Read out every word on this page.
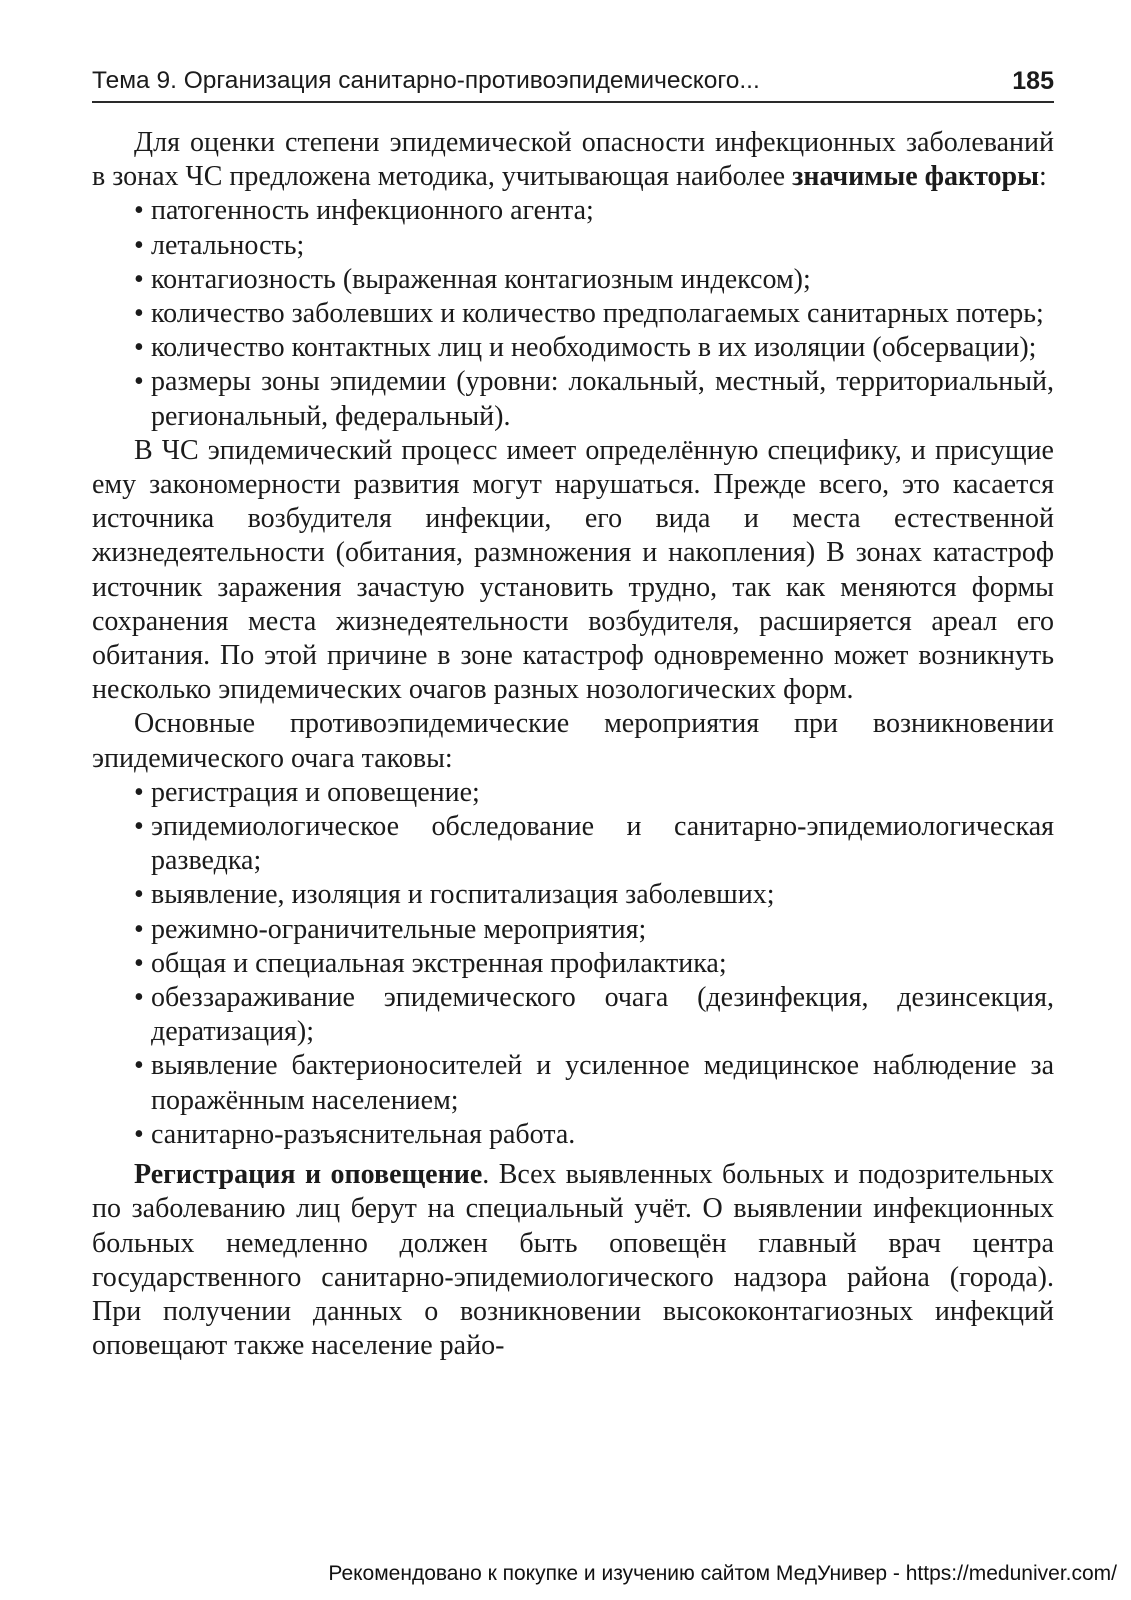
Тема 9. Организация санитарно-противоэпидемического...	185

Для оценки степени эпидемической опасности инфекционных заболеваний в зонах ЧС предложена методика, учитывающая наиболее значимые факторы:

• патогенность инфекционного агента;
• летальность;
• контагиозность (выраженная контагиозным индексом);
• количество заболевших и количество предполагаемых санитарных потерь;
• количество контактных лиц и необходимость в их изоляции (обсервации);
• размеры зоны эпидемии (уровни: локальный, местный, территориальный, региональный, федеральный).

В ЧС эпидемический процесс имеет определённую специфику, и присущие ему закономерности развития могут нарушаться. Прежде всего, это касается источника возбудителя инфекции, его вида и места естественной жизнедеятельности (обитания, размножения и накопления) В зонах катастроф источник заражения зачастую установить трудно, так как меняются формы сохранения места жизнедеятельности возбудителя, расширяется ареал его обитания. По этой причине в зоне катастроф одновременно может возникнуть несколько эпидемических очагов разных нозологических форм.

Основные противоэпидемические мероприятия при возникновении эпидемического очага таковы:

• регистрация и оповещение;
• эпидемиологическое обследование и санитарно-эпидемиологическая разведка;
• выявление, изоляция и госпитализация заболевших;
• режимно-ограничительные мероприятия;
• общая и специальная экстренная профилактика;
• обеззараживание эпидемического очага (дезинфекция, дезинсекция, дератизация);
• выявление бактерионосителей и усиленное медицинское наблюдение за поражённым населением;
• санитарно-разъяснительная работа.

Регистрация и оповещение. Всех выявленных больных и подозрительных по заболеванию лиц берут на специальный учёт. О выявлении инфекционных больных немедленно должен быть оповещён главный врач центра государственного санитарно-эпидемиологического надзора района (города). При получении данных о возникновении высококонтагиозных инфекций оповещают также население райо-

Рекомендовано к покупке и изучению сайтом МедУнивер - https://meduniver.com/
